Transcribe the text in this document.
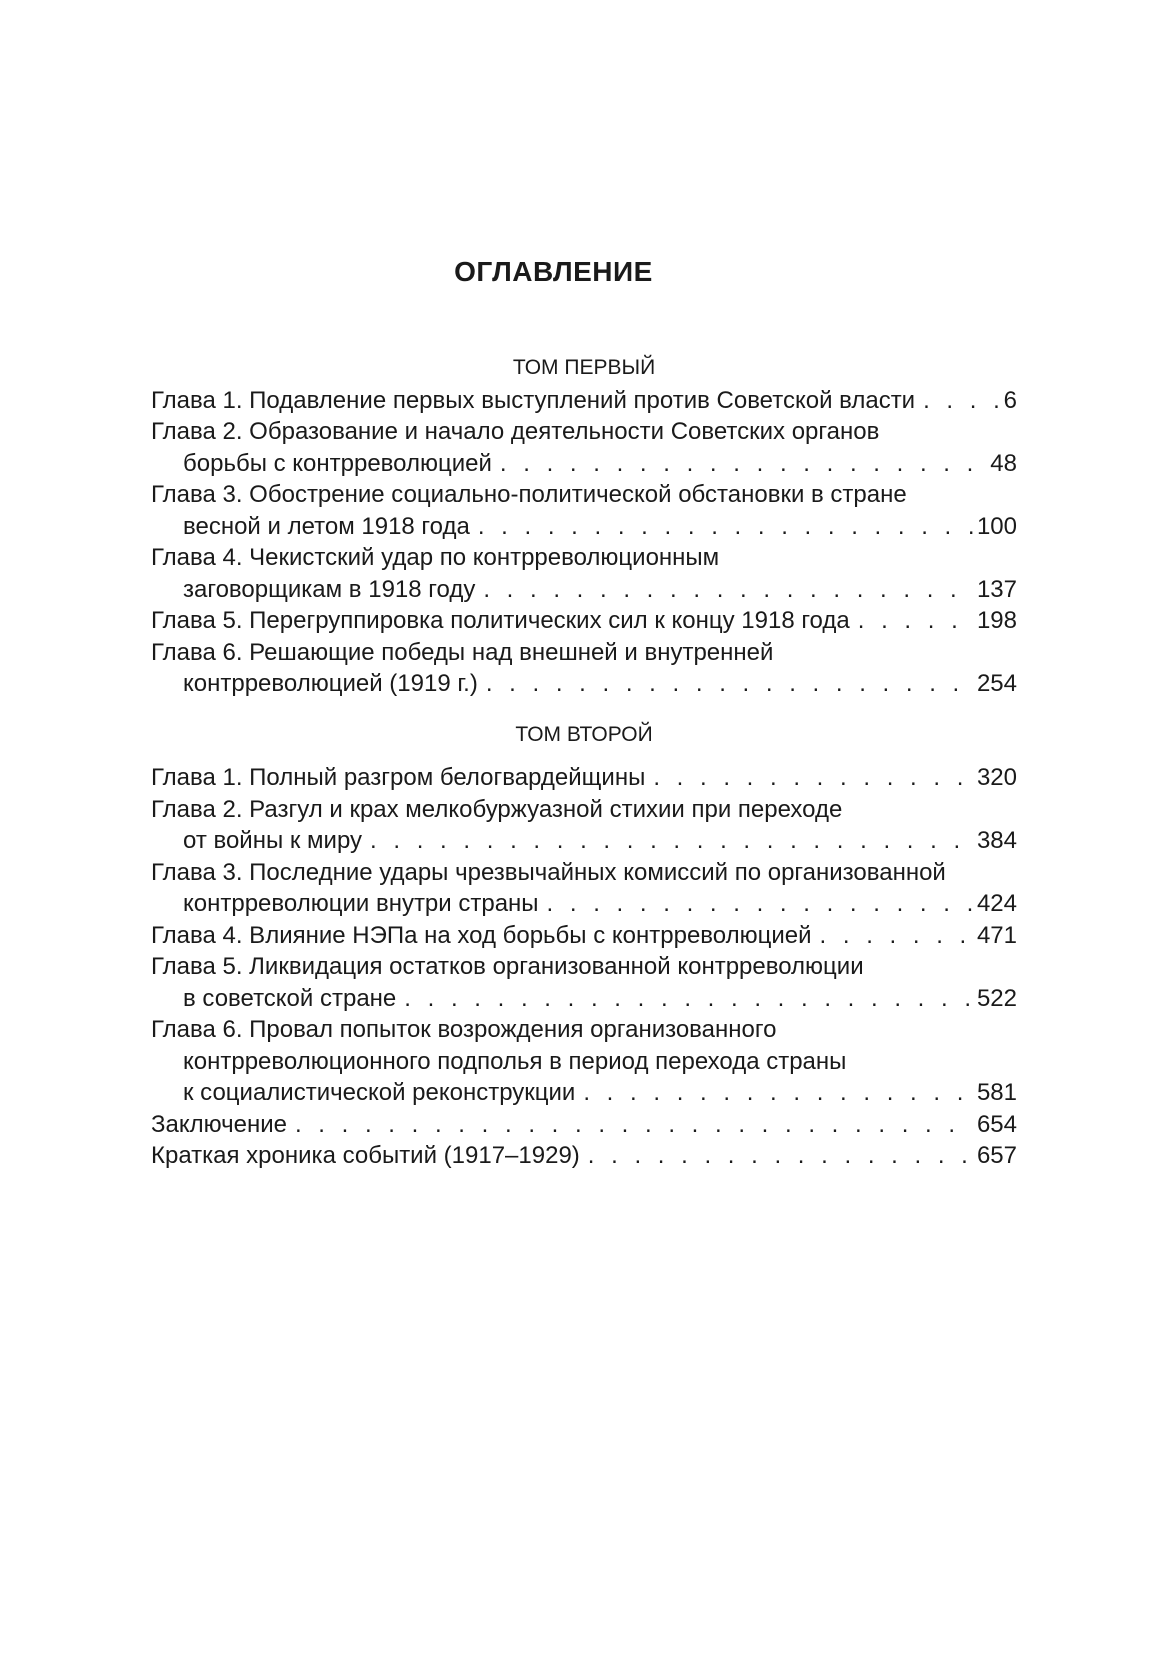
ОГЛАВЛЕНИЕ
ТОМ ПЕРВЫЙ
Глава 1. Подавление первых выступлений против Советской власти . . .	6
Глава 2. Образование и начало деятельности Советских органов
борьбы с контрреволюцией . . .	48
Глава 3. Обострение социально-политической обстановки в стране
весной и летом 1918 года . . .	100
Глава 4. Чекистский удар по контрреволюционным
заговорщикам в 1918 году . . .	137
Глава 5. Перегруппировка политических сил к концу 1918 года . . .	198
Глава 6. Решающие победы над внешней и внутренней
контрреволюцией (1919 г.) . . .	254
ТОМ ВТОРОЙ
Глава 1. Полный разгром белогвардейщины . . .	320
Глава 2. Разгул и крах мелкобуржуазной стихии при переходе
от войны к миру . . .	384
Глава 3. Последние удары чрезвычайных комиссий по организованной
контрреволюции внутри страны . . .	424
Глава 4. Влияние НЭПа на ход борьбы с контрреволюцией . . .	471
Глава 5. Ликвидация остатков организованной контрреволюции
в советской стране . . .	522
Глава 6. Провал попыток возрождения организованного
контрреволюционного подполья в период перехода страны
к социалистической реконструкции . . .	581
Заключение . . .	654
Краткая хроника событий (1917–1929) . . .	657
